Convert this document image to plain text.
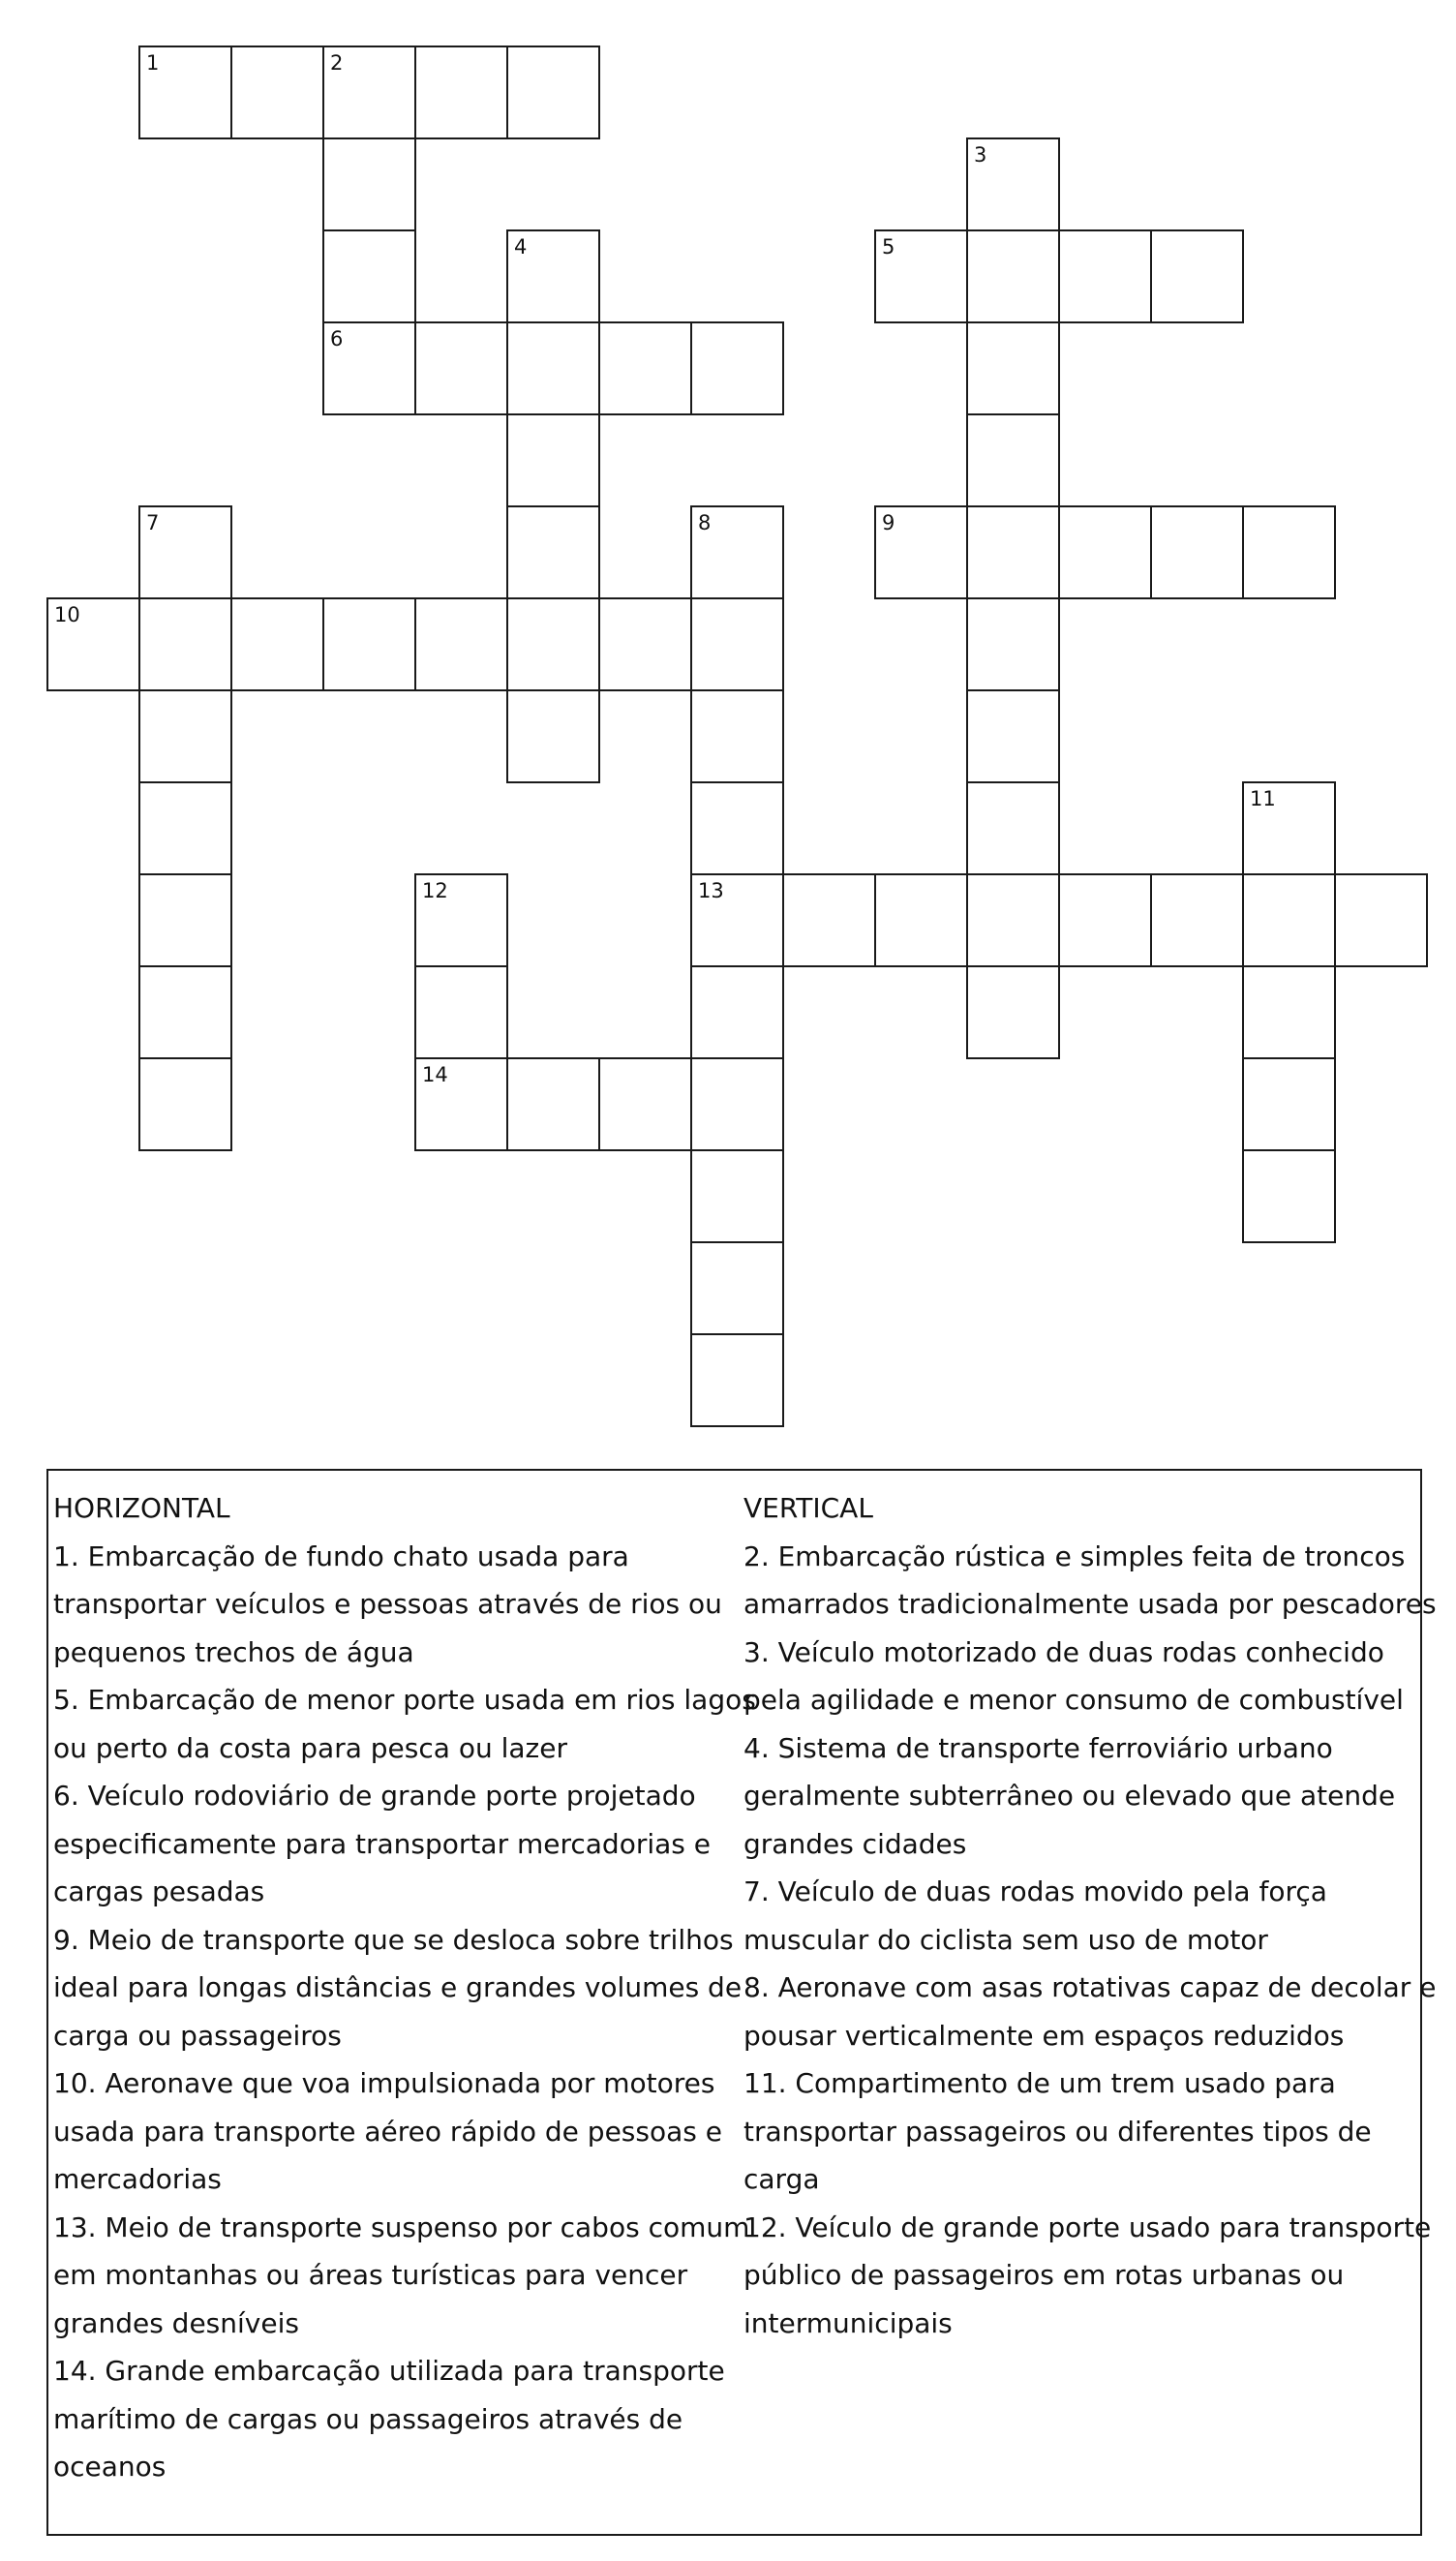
1	2
5
6
9
10
13
14
3
4
7	8
11
12
HORIZONTAL
1. Embarcação de fundo chato usada para
transportar veículos e pessoas através de rios ou
pequenos trechos de água
5. Embarcação de menor porte usada em rios lagos
ou perto da costa para pesca ou lazer
6. Veículo rodoviário de grande porte projetado
especificamente para transportar mercadorias e
cargas pesadas
9. Meio de transporte que se desloca sobre trilhos
ideal para longas distâncias e grandes volumes de
carga ou passageiros
10. Aeronave que voa impulsionada por motores
usada para transporte aéreo rápido de pessoas e
mercadorias
13. Meio de transporte suspenso por cabos comum
em montanhas ou áreas turísticas para vencer
grandes desníveis
14. Grande embarcação utilizada para transporte
marítimo de cargas ou passageiros através de
oceanos
VERTICAL
2. Embarcação rústica e simples feita de troncos
amarrados tradicionalmente usada por pescadores
3. Veículo motorizado de duas rodas conhecido
pela agilidade e menor consumo de combustível
4. Sistema de transporte ferroviário urbano
geralmente subterrâneo ou elevado que atende
grandes cidades
7. Veículo de duas rodas movido pela força
muscular do ciclista sem uso de motor
8. Aeronave com asas rotativas capaz de decolar e
pousar verticalmente em espaços reduzidos
11. Compartimento de um trem usado para
transportar passageiros ou diferentes tipos de
carga
12. Veículo de grande porte usado para transporte
público de passageiros em rotas urbanas ou
intermunicipais
